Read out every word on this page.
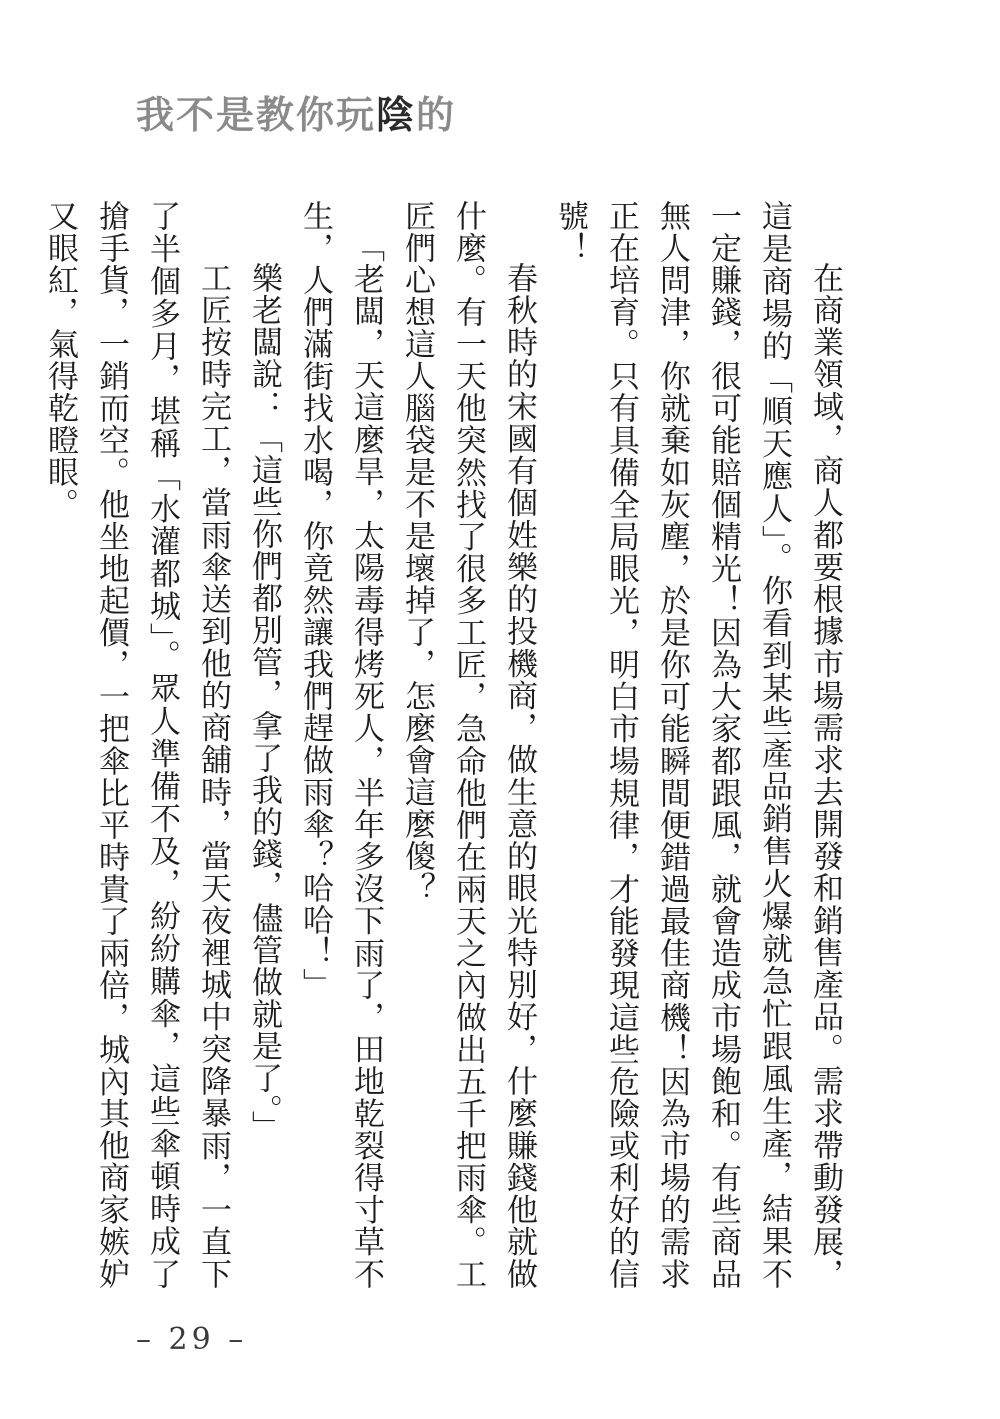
我不是教你玩陰的

在商業領域，商人都要根據市場需求去開發和銷售產品。需求帶動發展，這是商場的「順天應人」。你看到某些產品銷售火爆就急忙跟風生產，結果不一定賺錢，很可能賠個精光！因為大家都跟風，就會造成市場飽和。有些商品無人問津，你就棄如灰塵，於是你可能瞬間便錯過最佳商機！因為市場的需求正在培育。只有具備全局眼光，明白市場規律，才能發現這些危險或利好的信號！

春秋時的宋國有個姓樂的投機商，做生意的眼光特別好，什麼賺錢他就做什麼。有一天他突然找了很多工匠，急命他們在兩天之內做出五千把雨傘。工匠們心想這人腦袋是不是壞掉了，怎麼會這麼傻？

「老闆，天這麼旱，太陽毒得烤死人，半年多沒下雨了，田地乾裂得寸草不生，人們滿街找水喝，你竟然讓我們趕做雨傘？哈哈！」

樂老闆說：「這些你們都別管，拿了我的錢，儘管做就是了。」

工匠按時完工，當雨傘送到他的商舖時，當天夜裡城中突降暴雨，一直下了半個多月，堪稱「水灌都城」。眾人準備不及，紛紛購傘，這些傘頓時成了搶手貨，一銷而空。他坐地起價，一把傘比平時貴了兩倍，城內其他商家嫉妒又眼紅，氣得乾瞪眼。

– 29 –
